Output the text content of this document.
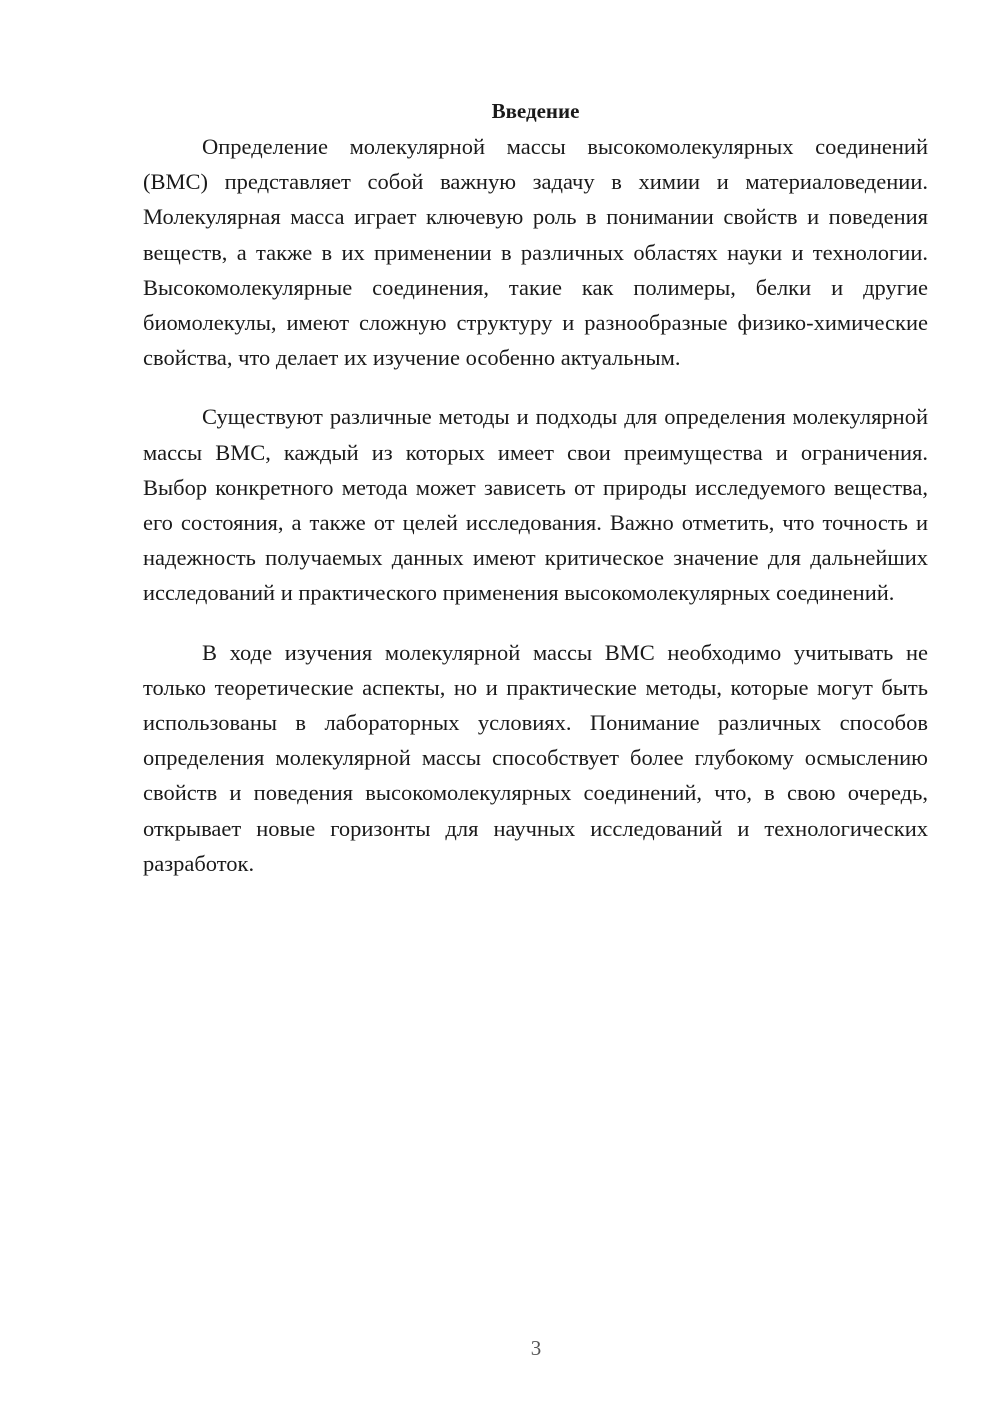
Введение

Определение молекулярной массы высокомолекулярных соединений (ВМС) представляет собой важную задачу в химии и материаловедении. Молекулярная масса играет ключевую роль в понимании свойств и поведения веществ, а также в их применении в различных областях науки и технологии. Высокомолекулярные соединения, такие как полимеры, белки и другие биомолекулы, имеют сложную структуру и разнообразные физико-химические свойства, что делает их изучение особенно актуальным.

Существуют различные методы и подходы для определения молекулярной массы ВМС, каждый из которых имеет свои преимущества и ограничения. Выбор конкретного метода может зависеть от природы исследуемого вещества, его состояния, а также от целей исследования. Важно отметить, что точность и надежность получаемых данных имеют критическое значение для дальнейших исследований и практического применения высокомолекулярных соединений.

В ходе изучения молекулярной массы ВМС необходимо учитывать не только теоретические аспекты, но и практические методы, которые могут быть использованы в лабораторных условиях. Понимание различных способов определения молекулярной массы способствует более глубокому осмыслению свойств и поведения высокомолекулярных соединений, что, в свою очередь, открывает новые горизонты для научных исследований и технологических разработок.

3
